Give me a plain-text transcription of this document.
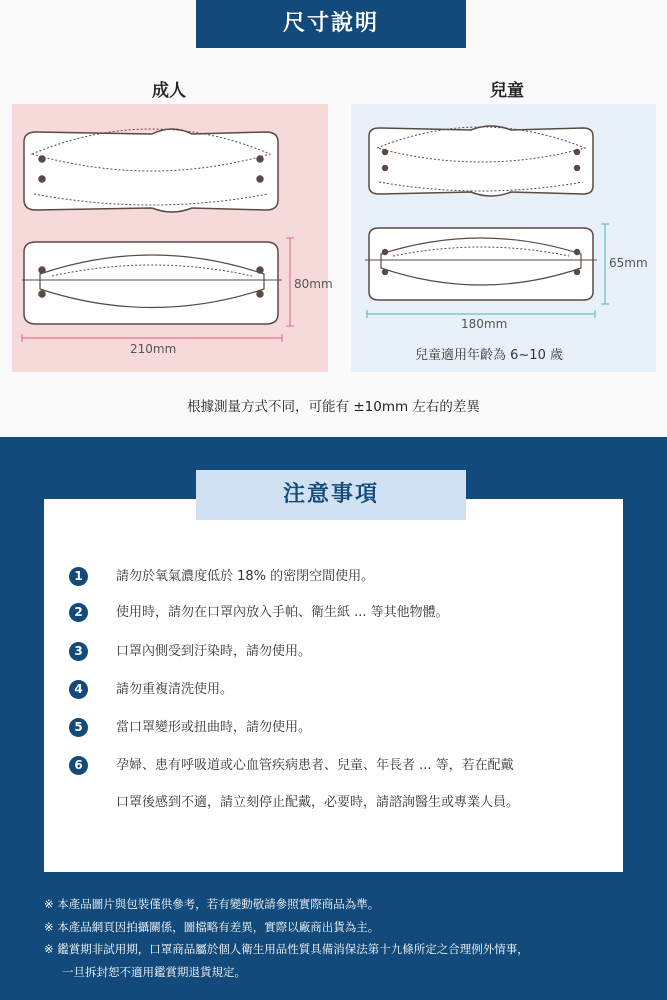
尺寸說明
成人	兒童
80mm
210mm
65mm
180mm
兒童適用年齡為 6~10 歲
根據測量方式不同，可能有 ±10mm 左右的差異
注意事項
1	請勿於氧氣濃度低於 18% 的密閉空間使用。
2	使用時，請勿在口罩內放入手帕、衛生紙 ... 等其他物體。
3	口罩內側受到汙染時，請勿使用。
4	請勿重複清洗使用。
5	當口罩變形或扭曲時，請勿使用。
6	孕婦、患有呼吸道或心血管疾病患者、兒童、年長者 ... 等，若在配戴
口罩後感到不適，請立刻停止配戴，必要時，請諮詢醫生或專業人員。
※ 本產品圖片與包裝僅供參考，若有變動敬請參照實際商品為準。
※ 本產品網頁因拍攝關係，圖檔略有差異，實際以廠商出貨為主。
※ 鑑賞期非試用期，口罩商品屬於個人衛生用品性質具備消保法第十九條所定之合理例外情事，
一旦拆封恕不適用鑑賞期退貨規定。
